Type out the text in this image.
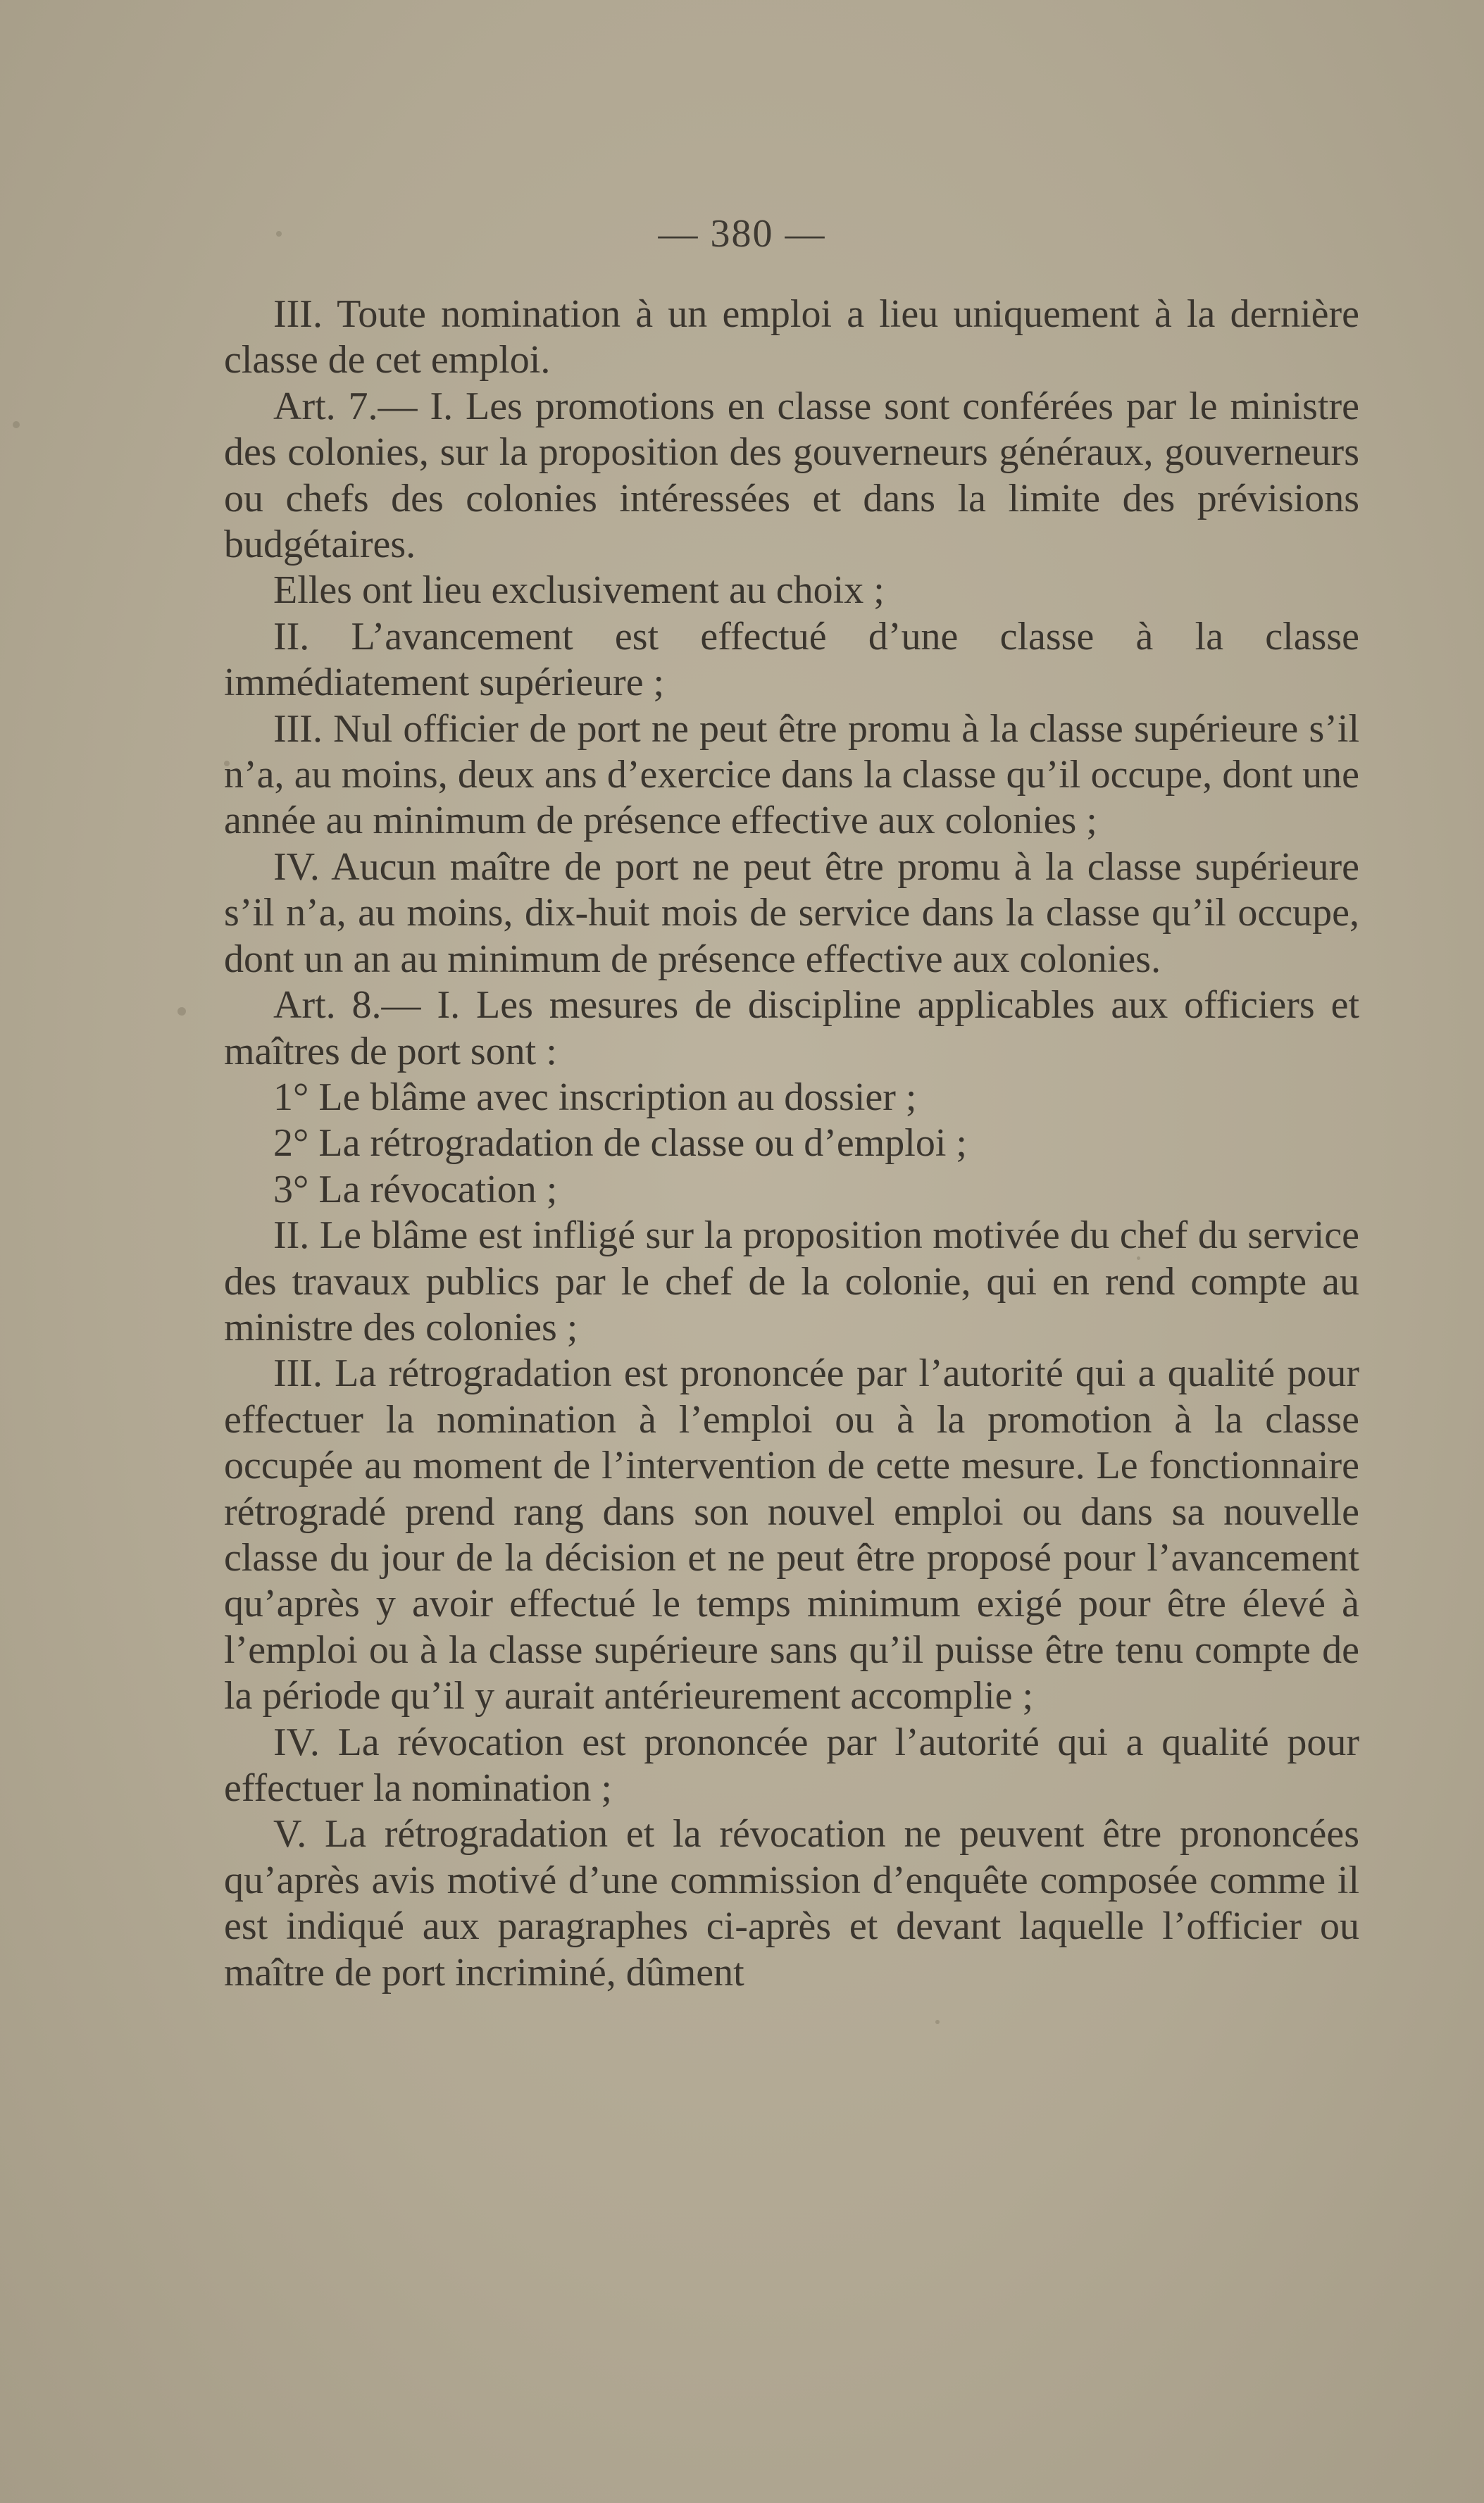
— 380 —

III. Toute nomination à un emploi a lieu uniquement à la dernière classe de cet emploi.

Art. 7.— I. Les promotions en classe sont conférées par le ministre des colonies, sur la proposition des gouverneurs généraux, gouverneurs ou chefs des colonies intéressées et dans la limite des prévisions budgétaires.

Elles ont lieu exclusivement au choix ;

II. L’avancement est effectué d’une classe à la classe immédiatement supérieure ;

III. Nul officier de port ne peut être promu à la classe supérieure s’il n’a, au moins, deux ans d’exercice dans la classe qu’il occupe, dont une année au minimum de présence effective aux colonies ;

IV. Aucun maître de port ne peut être promu à la classe supérieure s’il n’a, au moins, dix-huit mois de service dans la classe qu’il occupe, dont un an au minimum de présence effective aux colonies.

Art. 8.— I. Les mesures de discipline applicables aux officiers et maîtres de port sont :

1° Le blâme avec inscription au dossier ;

2° La rétrogradation de classe ou d’emploi ;

3° La révocation ;

II. Le blâme est infligé sur la proposition motivée du chef du service des travaux publics par le chef de la colonie, qui en rend compte au ministre des colonies ;

III. La rétrogradation est prononcée par l’autorité qui a qualité pour effectuer la nomination à l’emploi ou à la promotion à la classe occupée au moment de l’intervention de cette mesure. Le fonctionnaire rétrogradé prend rang dans son nouvel emploi ou dans sa nouvelle classe du jour de la décision et ne peut être proposé pour l’avancement qu’après y avoir effectué le temps minimum exigé pour être élevé à l’emploi ou à la classe supérieure sans qu’il puisse être tenu compte de la période qu’il y aurait antérieurement accomplie ;

IV. La révocation est prononcée par l’autorité qui a qualité pour effectuer la nomination ;

V. La rétrogradation et la révocation ne peuvent être prononcées qu’après avis motivé d’une commission d’enquête composée comme il est indiqué aux paragraphes ci-après et devant laquelle l’officier ou maître de port incriminé, dûment
